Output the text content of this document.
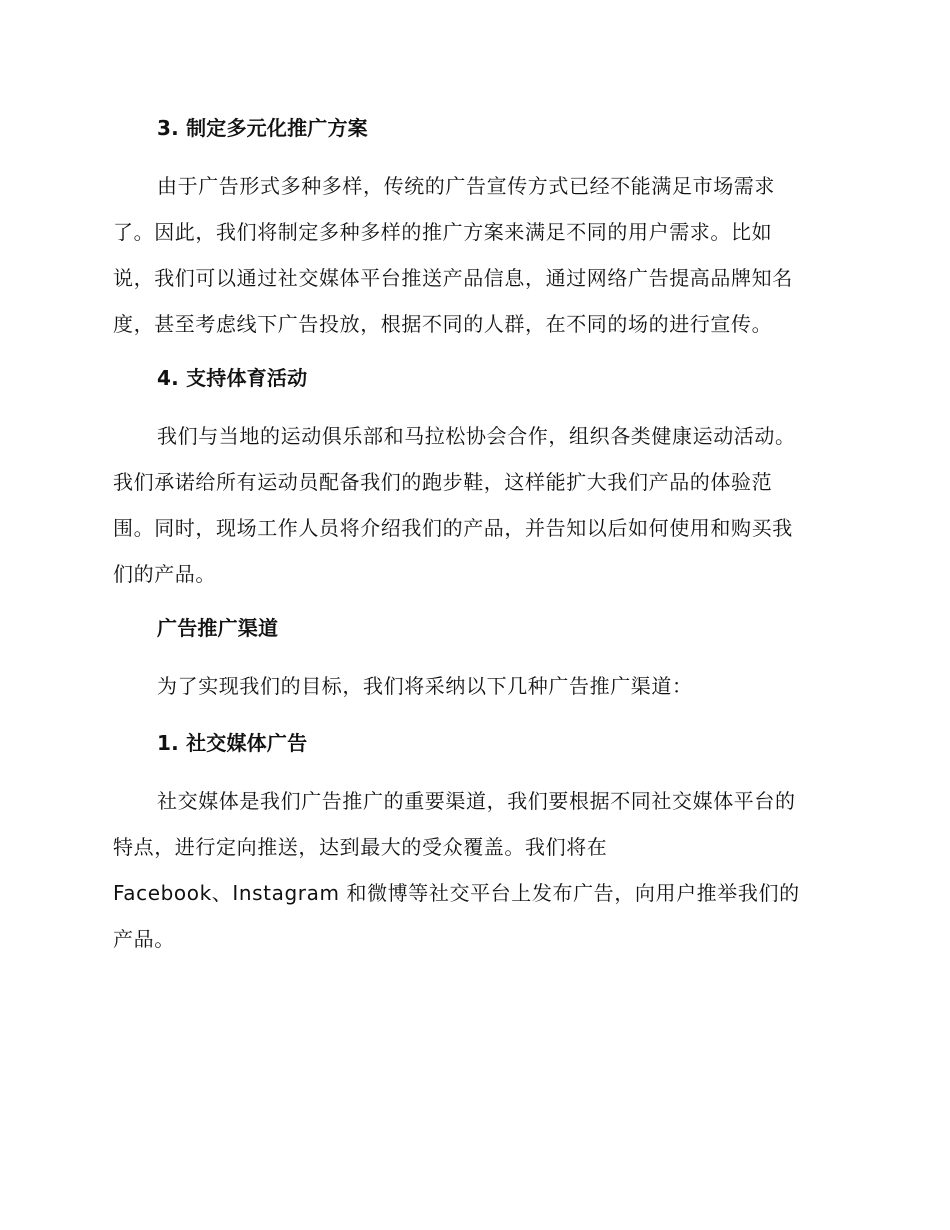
3. 制定多元化推广方案
由于广告形式多种多样，传统的广告宣传方式已经不能满足市场需求
了。因此，我们将制定多种多样的推广方案来满足不同的用户需求。比如
说，我们可以通过社交媒体平台推送产品信息，通过网络广告提高品牌知名
度，甚至考虑线下广告投放，根据不同的人群，在不同的场的进行宣传。
4. 支持体育活动
我们与当地的运动俱乐部和马拉松协会合作，组织各类健康运动活动。
我们承诺给所有运动员配备我们的跑步鞋，这样能扩大我们产品的体验范
围。同时，现场工作人员将介绍我们的产品，并告知以后如何使用和购买我
们的产品。
广告推广渠道
为了实现我们的目标，我们将采纳以下几种广告推广渠道：
1. 社交媒体广告
社交媒体是我们广告推广的重要渠道，我们要根据不同社交媒体平台的
特点，进行定向推送，达到最大的受众覆盖。我们将在
Facebook、Instagram 和微博等社交平台上发布广告，向用户推举我们的
产品。
